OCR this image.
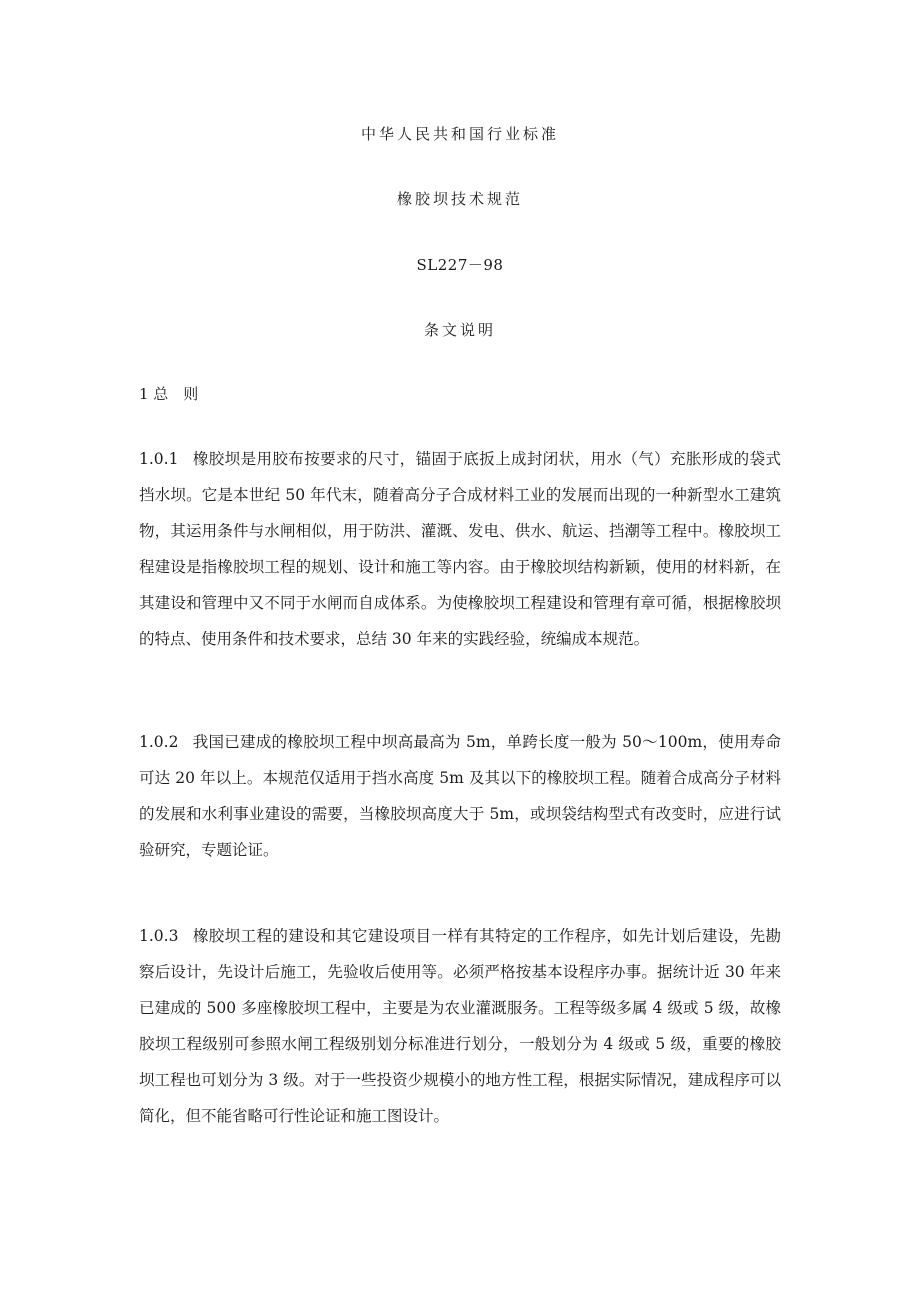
中华人民共和国行业标准
橡胶坝技术规范
SL227－98
条文说明
1 总　则
1.0.1 橡胶坝是用胶布按要求的尺寸，锚固于底扳上成封闭状，用水（气）充胀形成的袋式挡水坝。它是本世纪 50 年代末，随着高分子合成材料工业的发展而出现的一种新型水工建筑物，其运用条件与水闸相似，用于防洪、灌溉、发电、供水、航运、挡潮等工程中。橡胶坝工程建设是指橡胶坝工程的规划、设计和施工等内容。由于橡胶坝结构新颖，使用的材料新，在其建设和管理中又不同于水闸而自成体系。为使橡胶坝工程建设和管理有章可循，根据橡胶坝的特点、使用条件和技术要求，总结 30 年来的实践经验，统编成本规范。
1.0.2 我国已建成的橡胶坝工程中坝高最高为 5m，单跨长度一般为 50～100m，使用寿命可达 20 年以上。本规范仅适用于挡水高度 5m 及其以下的橡胶坝工程。随着合成高分子材料的发展和水利事业建设的需要，当橡胶坝高度大于 5m，或坝袋结构型式有改变时，应进行试验研究，专题论证。
1.0.3 橡胶坝工程的建设和其它建设项目一样有其特定的工作程序，如先计划后建设，先勘察后设计，先设计后施工，先验收后使用等。必须严格按基本设程序办事。据统计近 30 年来已建成的 500 多座橡胶坝工程中，主要是为农业灌溉服务。工程等级多属 4 级或 5 级，故橡胶坝工程级别可参照水闸工程级别划分标准进行划分，一般划分为 4 级或 5 级，重要的橡胶坝工程也可划分为 3 级。对于一些投资少规模小的地方性工程，根据实际情况，建成程序可以简化，但不能省略可行性论证和施工图设计。
